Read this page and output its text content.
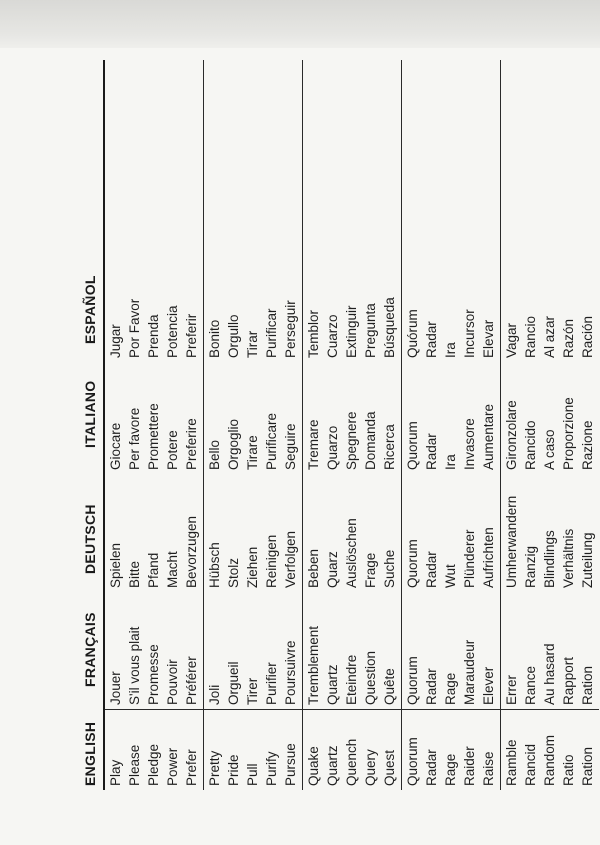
ENGLISH
FRANÇAIS
DEUTSCH
ITALIANO
ESPAÑOL
Play
Jouer
Spielen
Giocare
Jugar
Please
S'il vous plait
Bitte
Per favore
Por Favor
Pledge
Promesse
Pfand
Promettere
Prenda
Power
Pouvoir
Macht
Potere
Potencia
Prefer
Préférer
Bevorzugen
Preferire
Preferir
Pretty
Joli
Hübsch
Bello
Bonito
Pride
Orgueil
Stolz
Orgoglio
Orgullo
Pull
Tirer
Ziehen
Tirare
Tirar
Purify
Purifier
Reinigen
Purificare
Purificar
Pursue
Poursuivre
Verfolgen
Seguire
Perseguir
Quake
Tremblement
Beben
Tremare
Temblor
Quartz
Quartz
Quarz
Quarzo
Cuarzo
Quench
Eteindre
Auslöschen
Spegnere
Extinguir
Query
Question
Frage
Domanda
Pregunta
Quest
Quête
Suche
Ricerca
Búsqueda
Quorum
Quorum
Quorum
Quorum
Quórum
Radar
Radar
Radar
Radar
Radar
Rage
Rage
Wut
Ira
Ira
Raider
Maraudeur
Plünderer
Invasore
Incursor
Raise
Elever
Aufrichten
Aumentare
Elevar
Ramble
Errer
Umherwandern
Gironzolare
Vagar
Rancid
Rance
Ranzig
Rancido
Rancio
Random
Au hasard
Blindlings
A caso
Al azar
Ratio
Rapport
Verhältnis
Proporzione
Razón
Ration
Ration
Zuteilung
Razione
Ración
